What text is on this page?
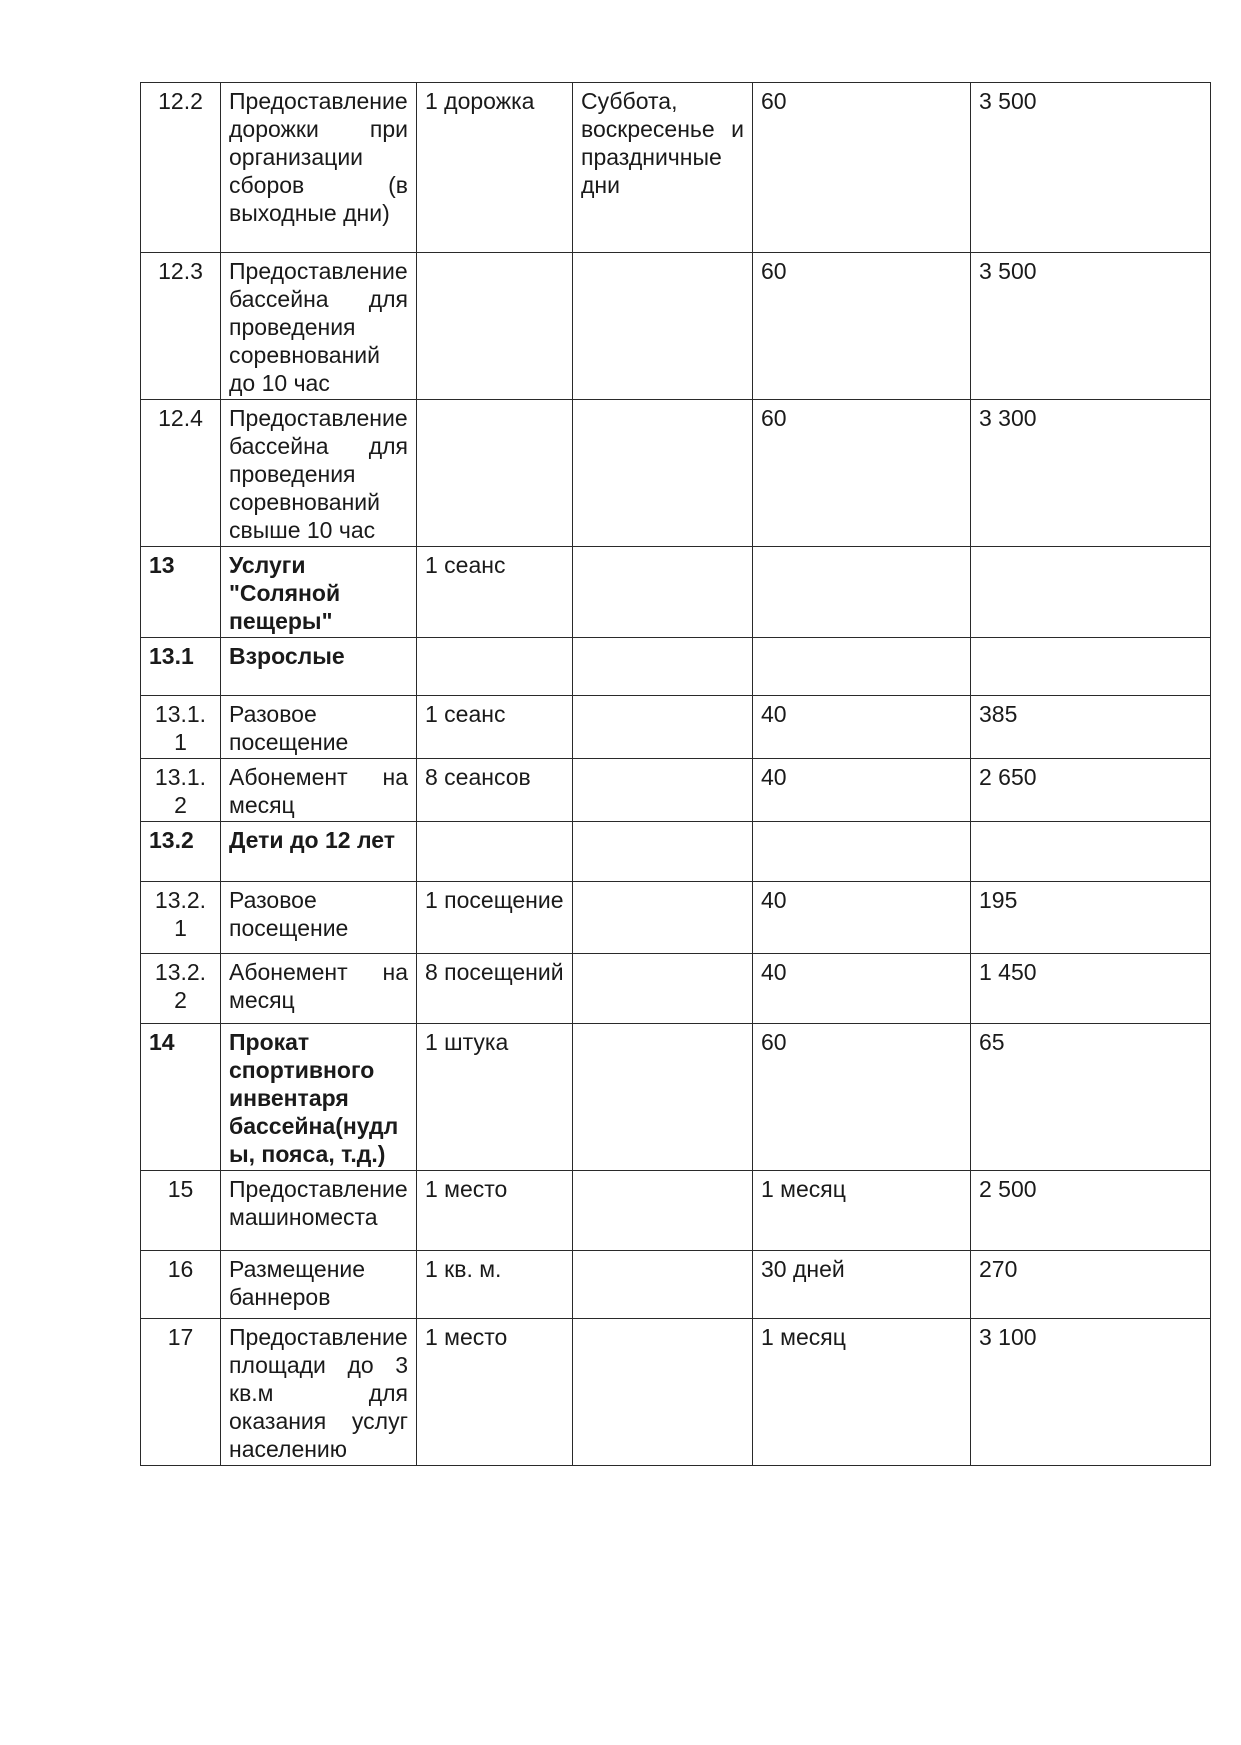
12.2	Предоставление дорожки при организации сборов (в выходные дни)	1 дорожка	Суббота, воскресенье и праздничные дни	60	3 500
12.3	Предоставление бассейна для проведения соревнований до 10 час			60	3 500
12.4	Предоставление бассейна для проведения соревнований свыше 10 час			60	3 300
13	Услуги "Соляной пещеры"	1 сеанс			
13.1	Взрослые				
13.1.1	Разовое посещение	1 сеанс		40	385
13.1.2	Абонемент на месяц	8 сеансов		40	2 650
13.2	Дети до 12 лет				
13.2.1	Разовое посещение	1 посещение		40	195
13.2.2	Абонемент на месяц	8 посещений		40	1 450
14	Прокат спортивного инвентаря бассейна(нудлы, пояса, т.д.)	1 штука		60	65
15	Предоставление машиноместа	1 место		1 месяц	2 500
16	Размещение баннеров	1 кв. м.		30 дней	270
17	Предоставление площади до 3 кв.м для оказания услуг населению	1 место		1 месяц	3 100
